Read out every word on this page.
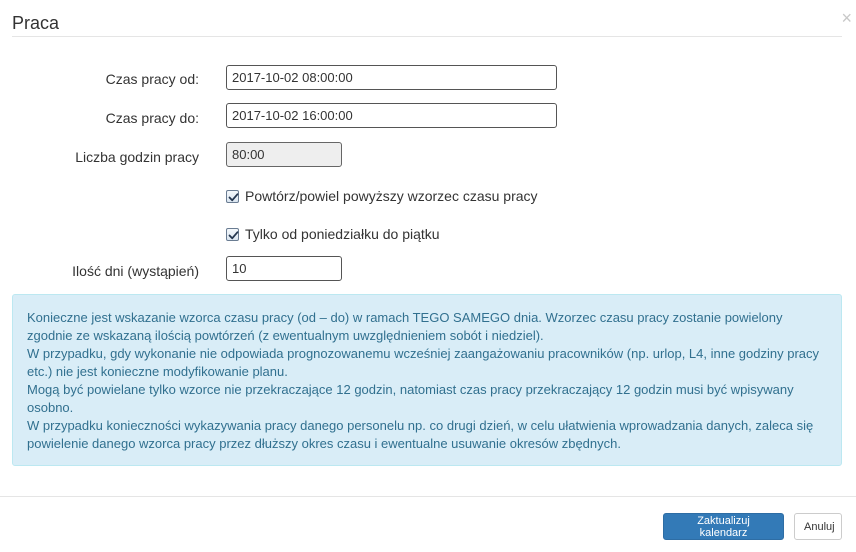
Praca	×
Czas pracy od:
2017-10-02 08:00:00
Czas pracy do:
2017-10-02 16:00:00
Liczba godzin pracy
80:00
Powtórz/powiel powyższy wzorzec czasu pracy
Tylko od poniedziałku do piątku
Ilość dni (wystąpień)
10

Konieczne jest wskazanie wzorca czasu pracy (od – do) w ramach TEGO SAMEGO dnia. Wzorzec czasu pracy zostanie powielony zgodnie ze wskazaną ilością powtórzeń (z ewentualnym uwzględnieniem sobót i niedziel).

W przypadku, gdy wykonanie nie odpowiada prognozowanemu wcześniej zaangażowaniu pracowników (np. urlop, L4, inne godziny pracy etc.) nie jest konieczne modyfikowanie planu.

Mogą być powielane tylko wzorce nie przekraczające 12 godzin, natomiast czas pracy przekraczający 12 godzin musi być wpisywany osobno.

W przypadku konieczności wykazywania pracy danego personelu np. co drugi dzień, w celu ułatwienia wprowadzania danych, zaleca się powielenie danego wzorca pracy przez dłuższy okres czasu i ewentualne usuwanie okresów zbędnych.

Zaktualizuj kalendarz	Anuluj
